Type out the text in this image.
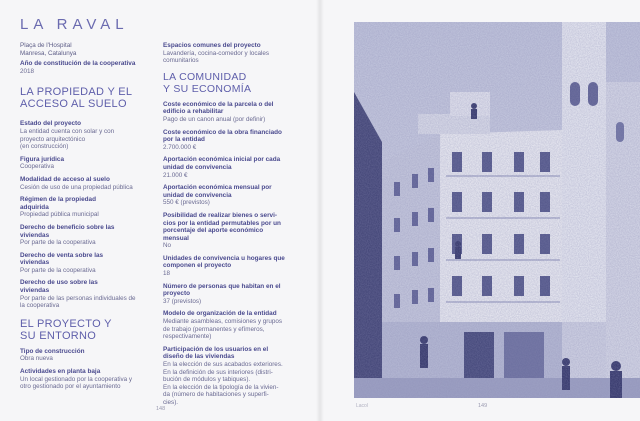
LA RAVAL
Plaça de l'Hospital
Manresa, Catalunya
Año de constitución de la cooperativa
2018
LA PROPIEDAD Y EL
ACCESO AL SUELO
Estado del proyecto
La entidad cuenta con solar y con
proyecto arquitectónico
(en construcción)
Figura jurídica
Cooperativa
Modalidad de acceso al suelo
Cesión de uso de una propiedad pública
Régimen de la propiedad
adquirida
Propiedad pública municipal
Derecho de beneficio sobre las
viviendas
Por parte de la cooperativa
Derecho de venta sobre las
viviendas
Por parte de la cooperativa
Derecho de uso sobre las
viviendas
Por parte de las personas individuales de
la cooperativa
EL PROYECTO Y
SU ENTORNO
Tipo de construcción
Obra nueva
Actividades en planta baja
Un local gestionado por la cooperativa y
otro gestionado por el ayuntamiento
Espacios comunes del proyecto
Lavandería, cocina-comedor y locales
comunitarios
LA COMUNIDAD
Y SU ECONOMÍA
Coste económico de la parcela o del
edificio a rehabilitar
Pago de un canon anual (por definir)
Coste económico de la obra financiado
por la entidad
2.700.000 €
Aportación económica inicial por cada
unidad de convivencia
21.000 €
Aportación económica mensual por
unidad de convivencia
550 € (previstos)
Posibilidad de realizar bienes o servi-
cios por la entidad permutables por un
porcentaje del aporte económico
mensual
No
Unidades de convivencia u hogares que
componen el proyecto
18
Número de personas que habitan en el
proyecto
37 (previstos)
Modelo de organización de la entidad
Mediante asambleas, comisiones y grupos
de trabajo (permanentes y efímeros,
respectivamente)
Participación de los usuarios en el
diseño de las viviendas
En la elección de sus acabados exteriores.
En la definición de sus interiores (distri-
bución de módulos y tabiques).
En la elección de la tipología de la vivien-
da (número de habitaciones y superfi-
cies).
148	Lacol	149
